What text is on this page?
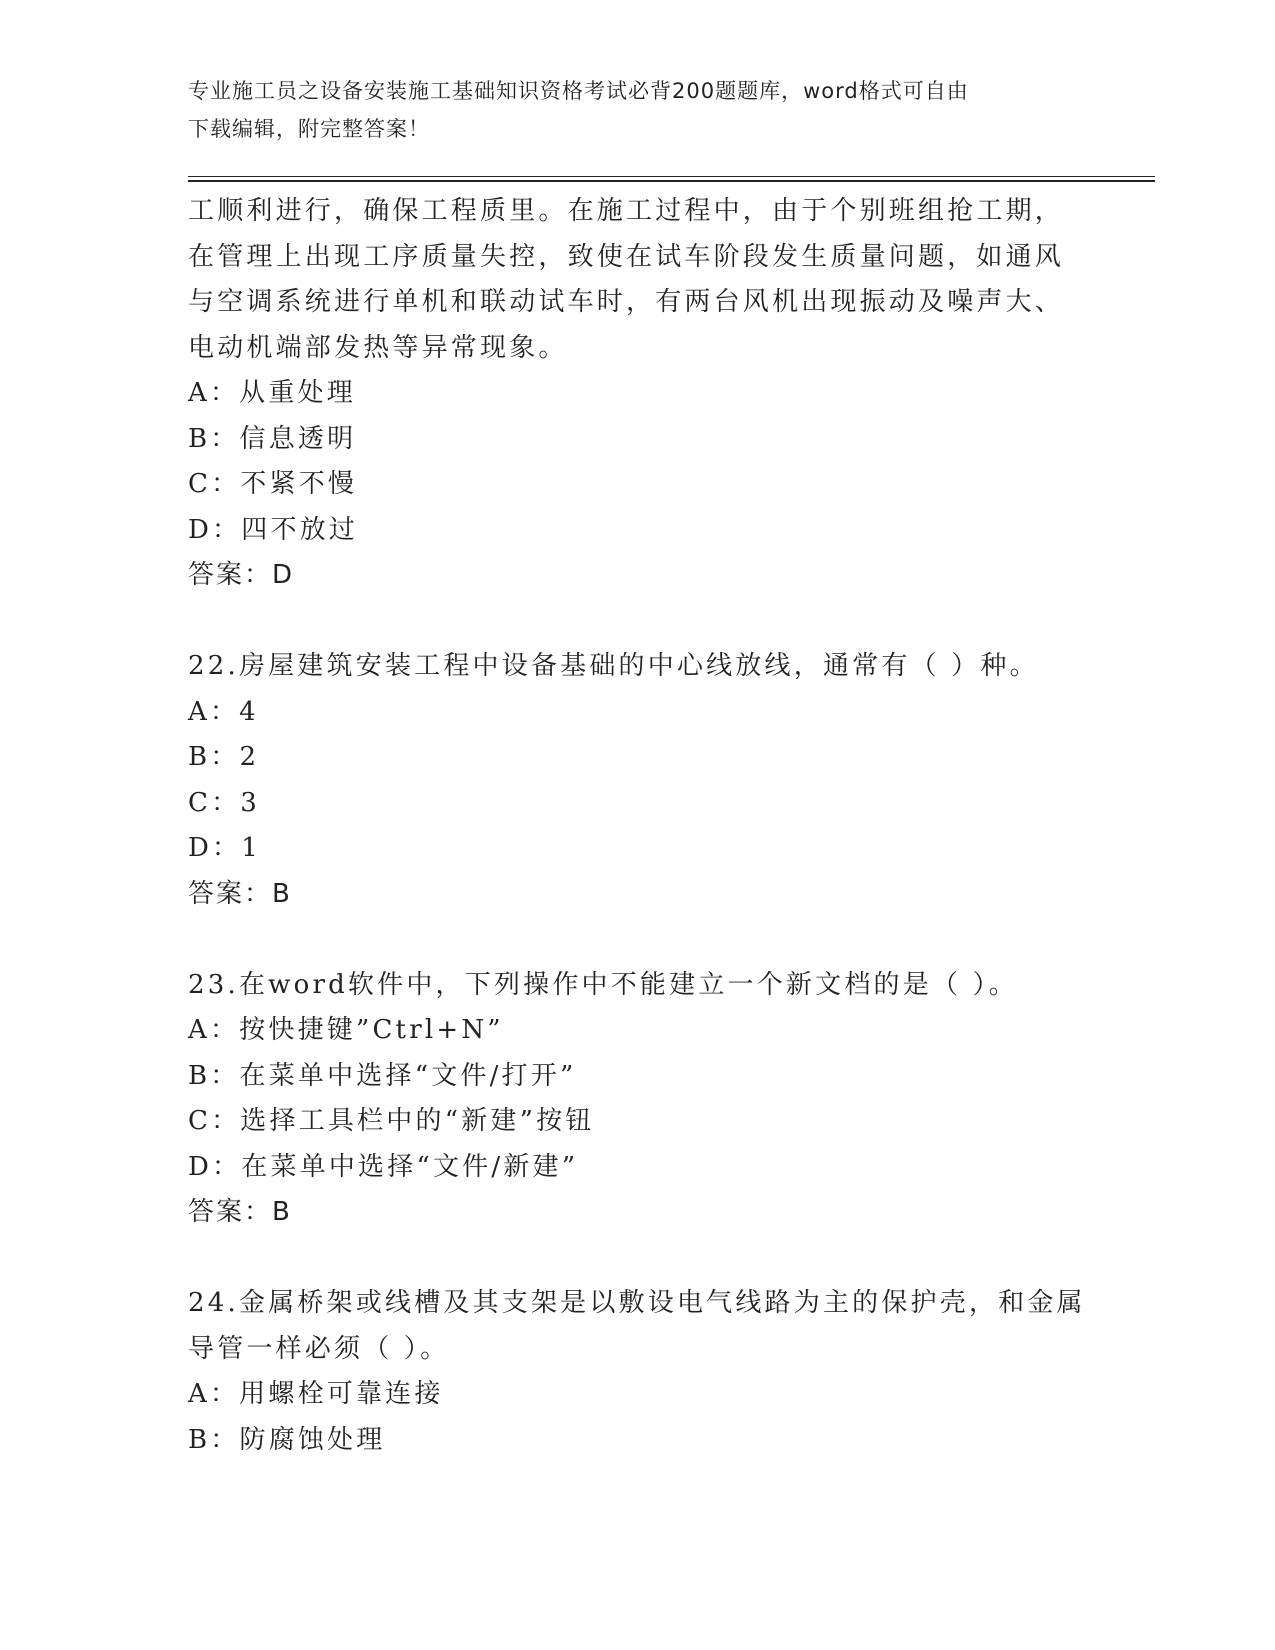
专业施工员之设备安装施工基础知识资格考试必背200题题库，word格式可自由
下载编辑，附完整答案！
工顺利进行，确保工程质里。在施工过程中，由于个别班组抢工期，
在管理上出现工序质量失控，致使在试车阶段发生质量问题，如通风
与空调系统进行单机和联动试车时，有两台风机出现振动及噪声大、
电动机端部发热等异常现象。
A：从重处理
B：信息透明
C：不紧不慢
D：四不放过
答案：D
22.房屋建筑安装工程中设备基础的中心线放线，通常有（ ）种。
A：4
B：2
C：3
D：1
答案：B
23.在word软件中，下列操作中不能建立一个新文档的是（ ）。
A：按快捷键”Ctrl+N”
B：在菜单中选择“文件/打开”
C：选择工具栏中的“新建”按钮
D：在菜单中选择“文件/新建”
答案：B
24.金属桥架或线槽及其支架是以敷设电气线路为主的保护壳，和金属
导管一样必须（ ）。
A：用螺栓可靠连接
B：防腐蚀处理
